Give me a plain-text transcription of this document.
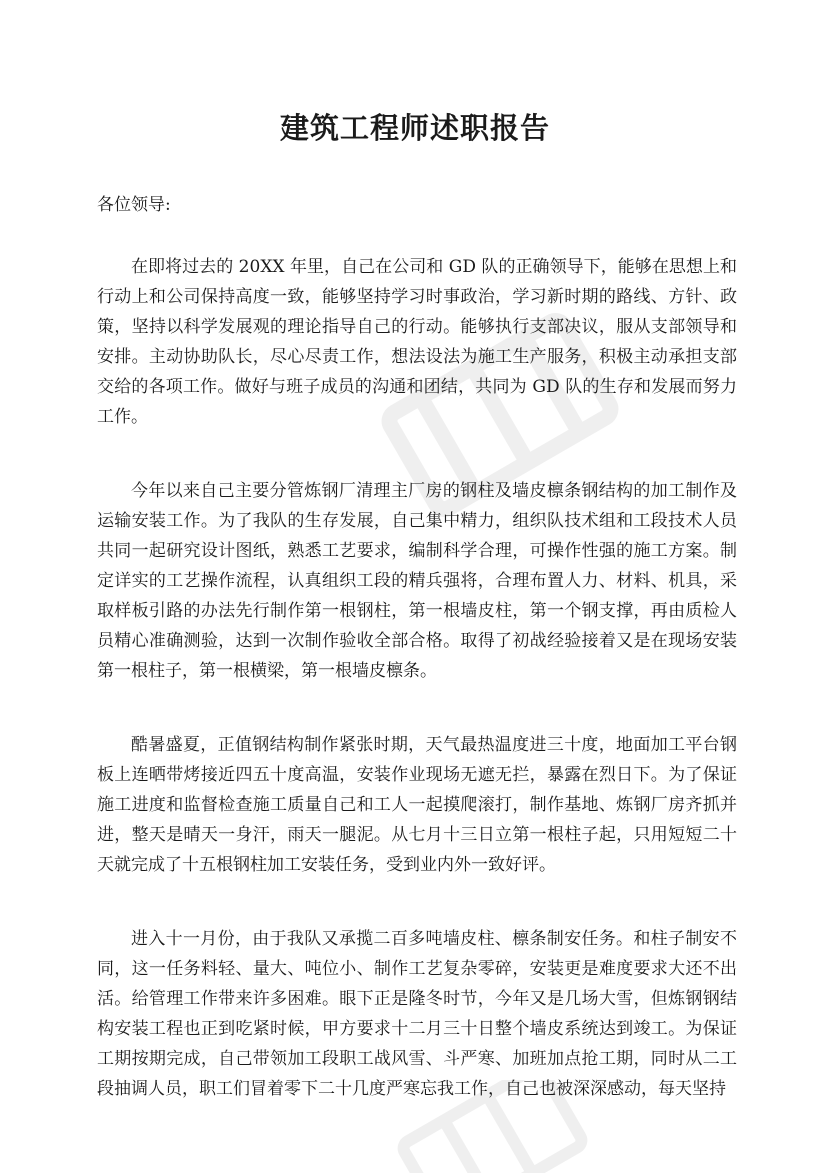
建筑工程师述职报告
各位领导:

在即将过去的 20XX 年里，自己在公司和 GD 队的正确领导下，能够在思想上和行动上和公司保持高度一致，能够坚持学习时事政治，学习新时期的路线、方针、政策，坚持以科学发展观的理论指导自己的行动。能够执行支部决议，服从支部领导和安排。主动协助队长，尽心尽责工作，想法设法为施工生产服务，积极主动承担支部交给的各项工作。做好与班子成员的沟通和团结，共同为 GD 队的生存和发展而努力工作。

今年以来自己主要分管炼钢厂清理主厂房的钢柱及墙皮檩条钢结构的加工制作及运输安装工作。为了我队的生存发展，自己集中精力，组织队技术组和工段技术人员共同一起研究设计图纸，熟悉工艺要求，编制科学合理，可操作性强的施工方案。制定详实的工艺操作流程，认真组织工段的精兵强将，合理布置人力、材料、机具，采取样板引路的办法先行制作第一根钢柱，第一根墙皮柱，第一个钢支撑，再由质检人员精心准确测验，达到一次制作验收全部合格。取得了初战经验接着又是在现场安装第一根柱子，第一根横梁，第一根墙皮檩条。

酷暑盛夏，正值钢结构制作紧张时期，天气最热温度进三十度，地面加工平台钢板上连晒带烤接近四五十度高温，安装作业现场无遮无拦，暴露在烈日下。为了保证施工进度和监督检查施工质量自己和工人一起摸爬滚打，制作基地、炼钢厂房齐抓并进，整天是晴天一身汗，雨天一腿泥。从七月十三日立第一根柱子起，只用短短二十天就完成了十五根钢柱加工安装任务，受到业内外一致好评。

进入十一月份，由于我队又承揽二百多吨墙皮柱、檩条制安任务。和柱子制安不同，这一任务料轻、量大、吨位小、制作工艺复杂零碎，安装更是难度要求大还不出活。给管理工作带来许多困难。眼下正是隆冬时节，今年又是几场大雪，但炼钢钢结构安装工程也正到吃紧时候，甲方要求十二月三十日整个墙皮系统达到竣工。为保证工期按期完成，自己带领加工段职工战风雪、斗严寒、加班加点抢工期，同时从二工段抽调人员，职工们冒着零下二十几度严寒忘我工作，自己也被深深感动，每天坚持
